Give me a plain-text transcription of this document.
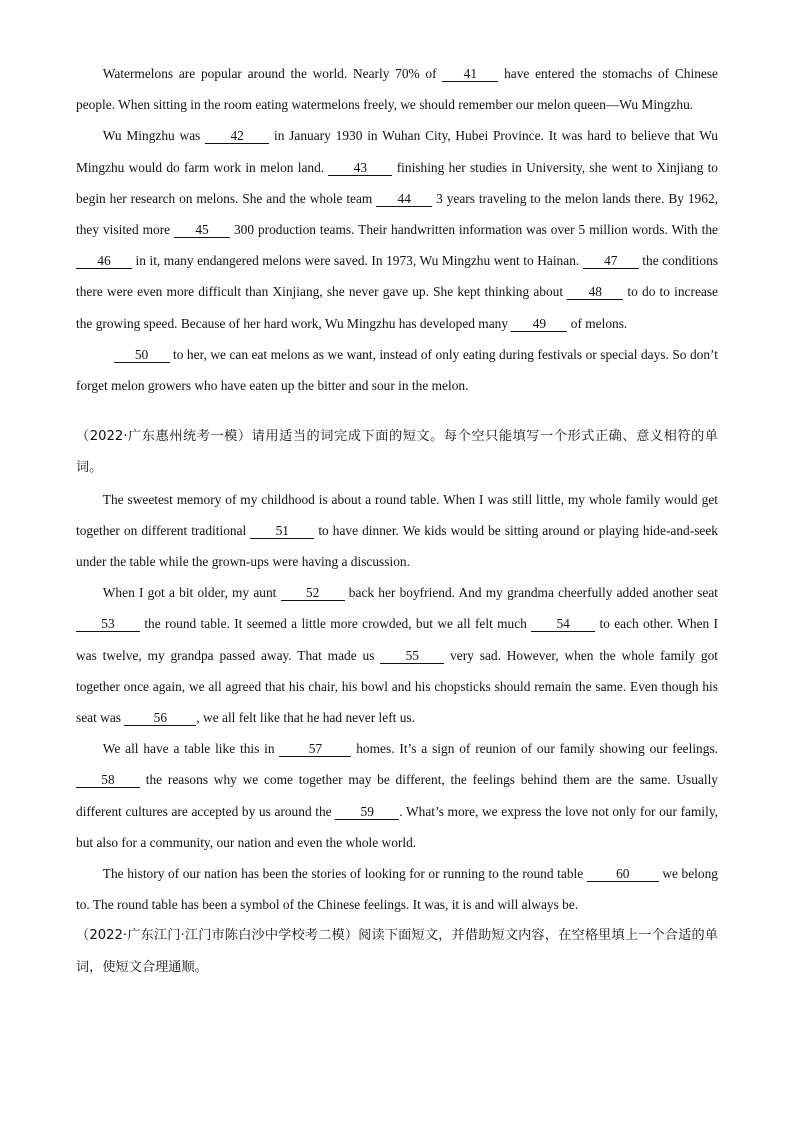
Watermelons are popular around the world. Nearly 70% of 41 have entered the stomachs of Chinese people. When sitting in the room eating watermelons freely, we should remember our melon queen—Wu Mingzhu.

Wu Mingzhu was 42 in January 1930 in Wuhan City, Hubei Province. It was hard to believe that Wu Mingzhu would do farm work in melon land. 43 finishing her studies in University, she went to Xinjiang to begin her research on melons. She and the whole team 44 3 years traveling to the melon lands there. By 1962, they visited more 45 300 production teams. Their handwritten information was over 5 million words. With the 46 in it, many endangered melons were saved. In 1973, Wu Mingzhu went to Hainan. 47 the conditions there were even more difficult than Xinjiang, she never gave up. She kept thinking about 48 to do to increase the growing speed. Because of her hard work, Wu Mingzhu has developed many 49 of melons.

50 to her, we can eat melons as we want, instead of only eating during festivals or special days. So don’t forget melon growers who have eaten up the bitter and sour in the melon.

（2022·广东惠州统考一模）请用适当的词完成下面的短文。每个空只能填写一个形式正确、意义相符的单词。

The sweetest memory of my childhood is about a round table. When I was still little, my whole family would get together on different traditional 51 to have dinner. We kids would be sitting around or playing hide-and-seek under the table while the grown-ups were having a discussion.

When I got a bit older, my aunt 52 back her boyfriend. And my grandma cheerfully added another seat 53 the round table. It seemed a little more crowded, but we all felt much 54 to each other. When I was twelve, my grandpa passed away. That made us 55 very sad. However, when the whole family got together once again, we all agreed that his chair, his bowl and his chopsticks should remain the same. Even though his seat was 56 , we all felt like that he had never left us.

We all have a table like this in 57 homes. It’s a sign of reunion of our family showing our feelings. 58 the reasons why we come together may be different, the feelings behind them are the same. Usually different cultures are accepted by us around the 59 . What’s more, we express the love not only for our family, but also for a community, our nation and even the whole world.

The history of our nation has been the stories of looking for or running to the round table 60 we belong to. The round table has been a symbol of the Chinese feelings. It was, it is and will always be.

（2022·广东江门·江门市陈白沙中学校考二模）阅读下面短文，并借助短文内容，在空格里填上一个合适的单词，使短文合理通顺。
